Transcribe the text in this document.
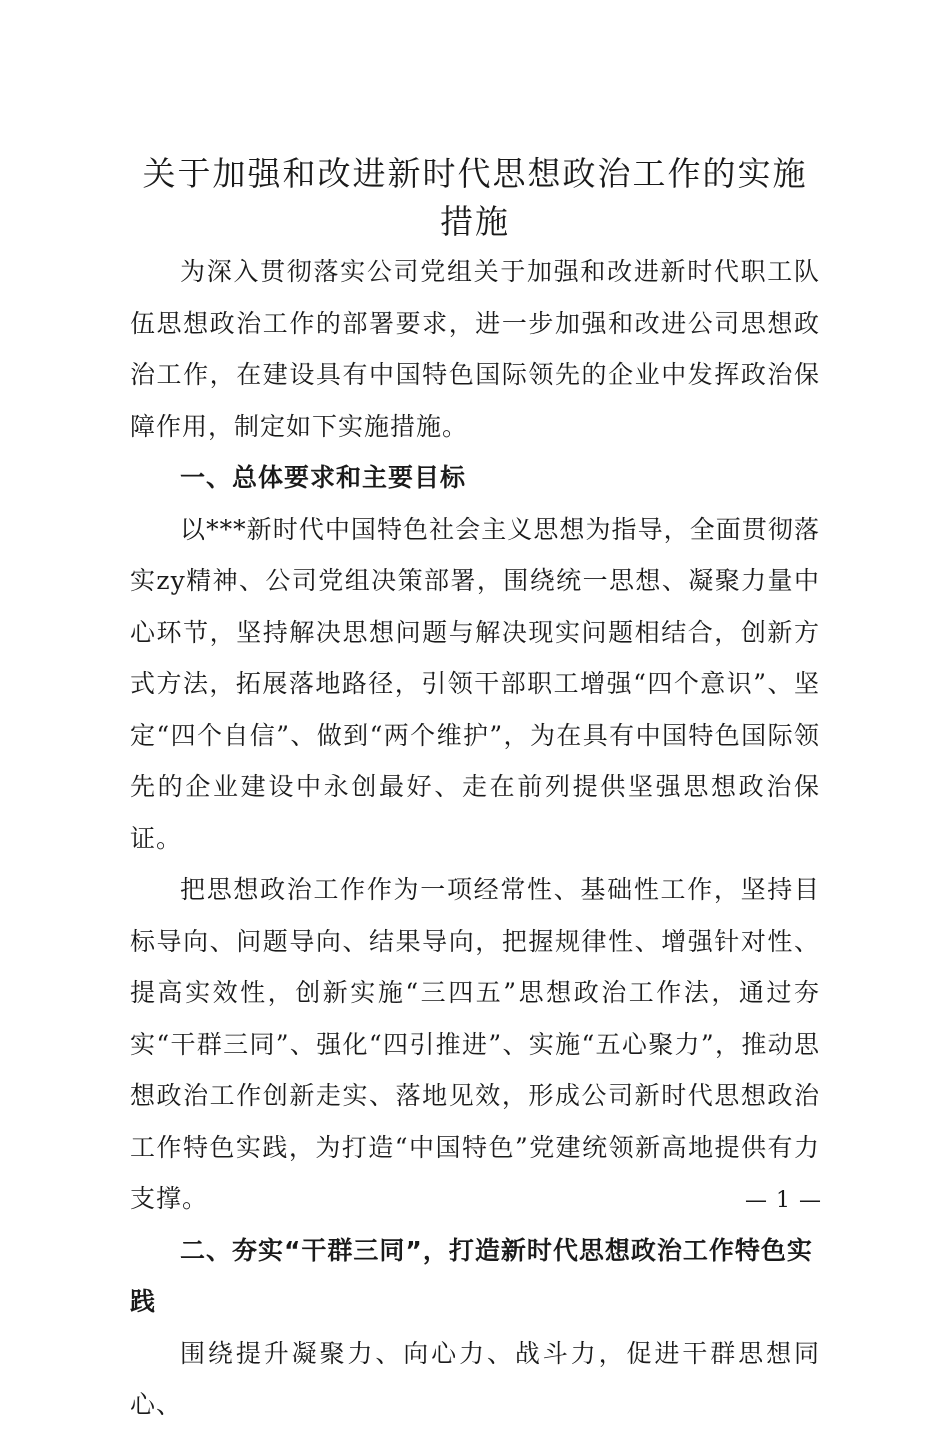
关于加强和改进新时代思想政治工作的实施措施

为深入贯彻落实公司党组关于加强和改进新时代职工队伍思想政治工作的部署要求，进一步加强和改进公司思想政治工作，在建设具有中国特色国际领先的企业中发挥政治保障作用，制定如下实施措施。

一、总体要求和主要目标

以***新时代中国特色社会主义思想为指导，全面贯彻落实zy精神、公司党组决策部署，围绕统一思想、凝聚力量中心环节，坚持解决思想问题与解决现实问题相结合，创新方式方法，拓展落地路径，引领干部职工增强“四个意识”、坚定“四个自信”、做到“两个维护”，为在具有中国特色国际领先的企业建设中永创最好、走在前列提供坚强思想政治保证。

把思想政治工作作为一项经常性、基础性工作，坚持目标导向、问题导向、结果导向，把握规律性、增强针对性、提高实效性，创新实施“三四五”思想政治工作法，通过夯实“干群三同”、强化“四引推进”、实施“五心聚力”，推动思想政治工作创新走实、落地见效，形成公司新时代思想政治工作特色实践，为打造“中国特色”党建统领新高地提供有力支撑。

二、夯实“干群三同”，打造新时代思想政治工作特色实践

围绕提升凝聚力、向心力、战斗力，促进干群思想同心、

— 1 —
